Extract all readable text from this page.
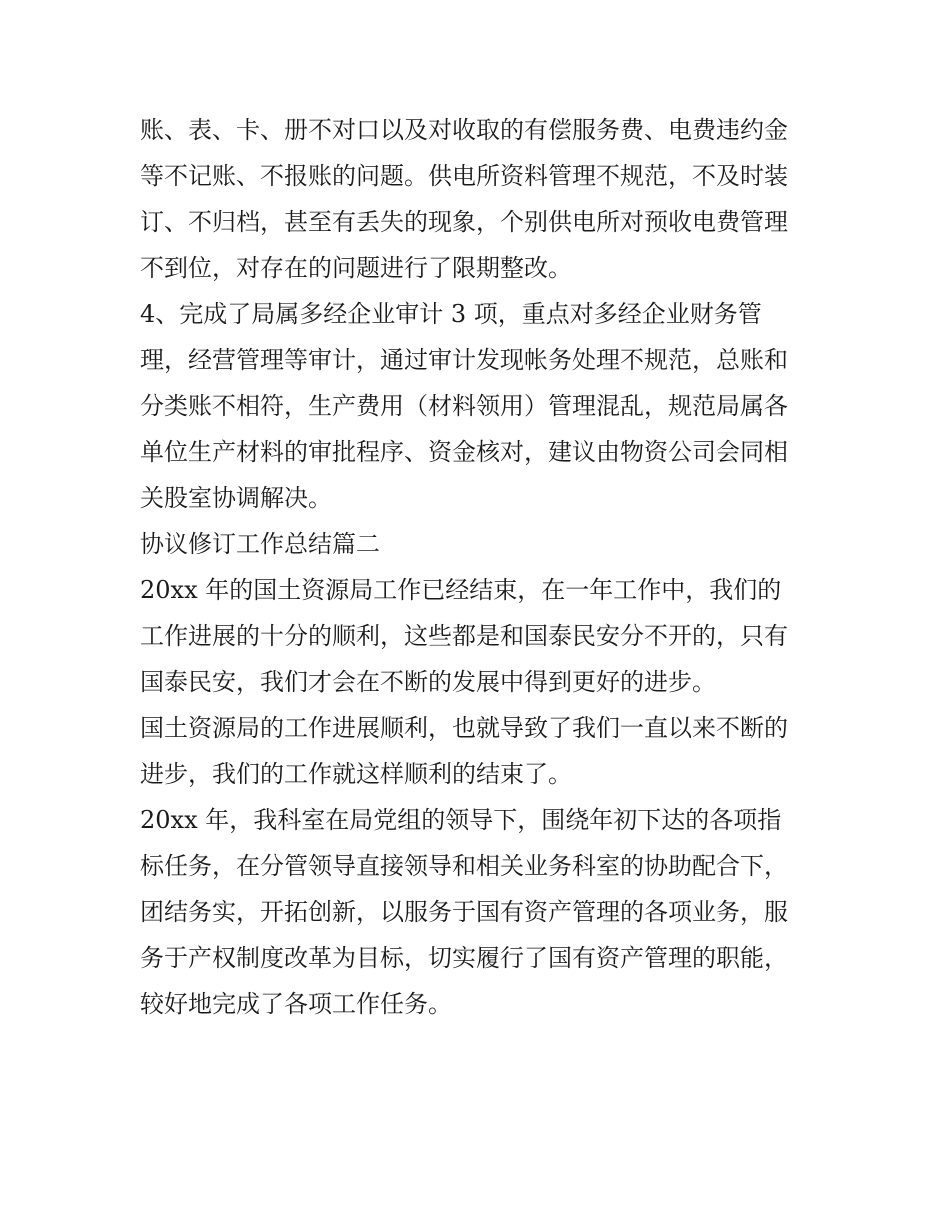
账、表、卡、册不对口以及对收取的有偿服务费、电费违约金
等不记账、不报账的问题。供电所资料管理不规范，不及时装
订、不归档，甚至有丢失的现象，个别供电所对预收电费管理
不到位，对存在的问题进行了限期整改。
4、完成了局属多经企业审计 3 项，重点对多经企业财务管
理，经营管理等审计，通过审计发现帐务处理不规范，总账和
分类账不相符，生产费用（材料领用）管理混乱，规范局属各
单位生产材料的审批程序、资金核对，建议由物资公司会同相
关股室协调解决。
协议修订工作总结篇二
20xx 年的国土资源局工作已经结束，在一年工作中，我们的
工作进展的十分的顺利，这些都是和国泰民安分不开的，只有
国泰民安，我们才会在不断的发展中得到更好的进步。
国土资源局的工作进展顺利，也就导致了我们一直以来不断的
进步，我们的工作就这样顺利的结束了。
20xx 年，我科室在局党组的领导下，围绕年初下达的各项指
标任务，在分管领导直接领导和相关业务科室的协助配合下，
团结务实，开拓创新，以服务于国有资产管理的各项业务，服
务于产权制度改革为目标，切实履行了国有资产管理的职能，
较好地完成了各项工作任务。
